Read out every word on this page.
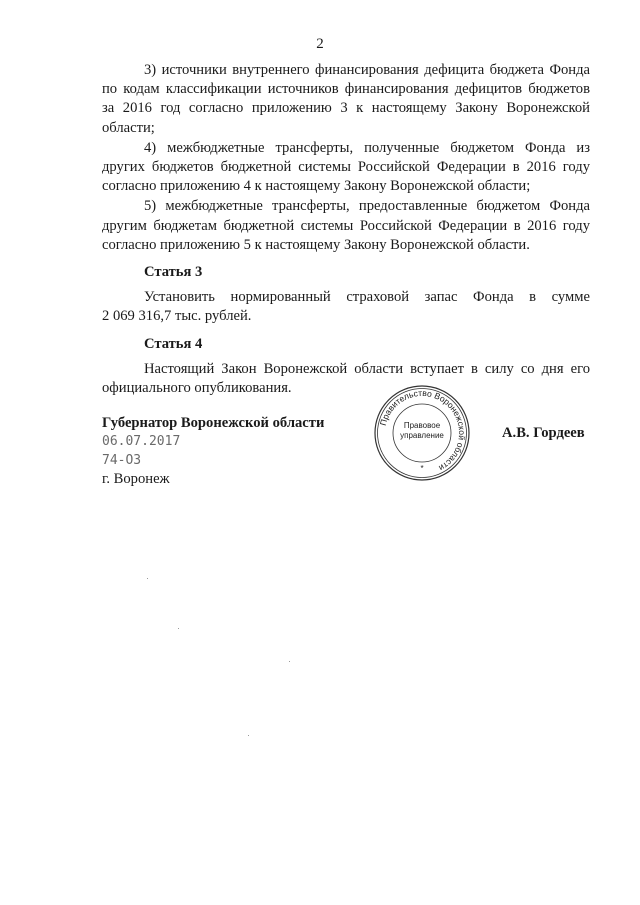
2

3) источники внутреннего финансирования дефицита бюджета Фонда по кодам классификации источников финансирования дефицитов бюджетов за 2016 год согласно приложению 3 к настоящему Закону Воронежской области;

4) межбюджетные трансферты, полученные бюджетом Фонда из других бюджетов бюджетной системы Российской Федерации в 2016 году согласно приложению 4 к настоящему Закону Воронежской области;

5) межбюджетные трансферты, предоставленные бюджетом Фонда другим бюджетам бюджетной системы Российской Федерации в 2016 году согласно приложению 5 к настоящему Закону Воронежской области.

Статья 3

Установить нормированный страховой запас Фонда в сумме

2 069 316,7 тыс. рублей.

Статья 4

Настоящий Закон Воронежской области вступает в силу со дня его официального опубликования.

Губернатор Воронежской области
06.07.2017
74-ОЗ
г. Воронеж
А.В. Гордеев
Правительство Воронежской области
Правовое
управление
*
